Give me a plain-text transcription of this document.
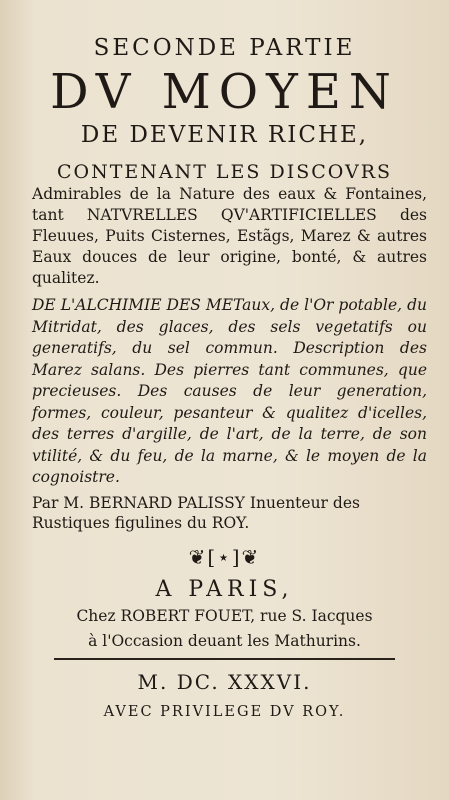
SECONDE PARTIE
DV MOYEN
DE DEVENIR RICHE,
CONTENANT LES DISCOVRS
Admirables de la Nature des eaux & Fontaines, tant NATVRELLES QV'ARTIFICIELLES des Fleuues, Puits Cisternes, Estãgs, Marez & autres Eaux douces de leur origine, bonté, & autres qualitez.
DE L'ALCHIMIE DES METaux, de l'Or potable, du Mitridat, des glaces, des sels vegetatifs ou generatifs, du sel commun. Description des Marez salans. Des pierres tant communes, que precieuses. Des causes de leur generation, formes, couleur, pesanteur & qualitez d'icelles, des terres d'argille, de l'art, de la terre, de son vtilité, & du feu, de la marne, & le moyen de la cognoistre.
Par M. BERNARD PALISSY Inuenteur des Rustiques figulines du ROY.
❦[⋆]❦
A PARIS,
Chez ROBERT FOUET, rue S. Iacques
à l'Occasion deuant les Mathurins.
M. DC. XXXVI.
AVEC PRIVILEGE DV ROY.
